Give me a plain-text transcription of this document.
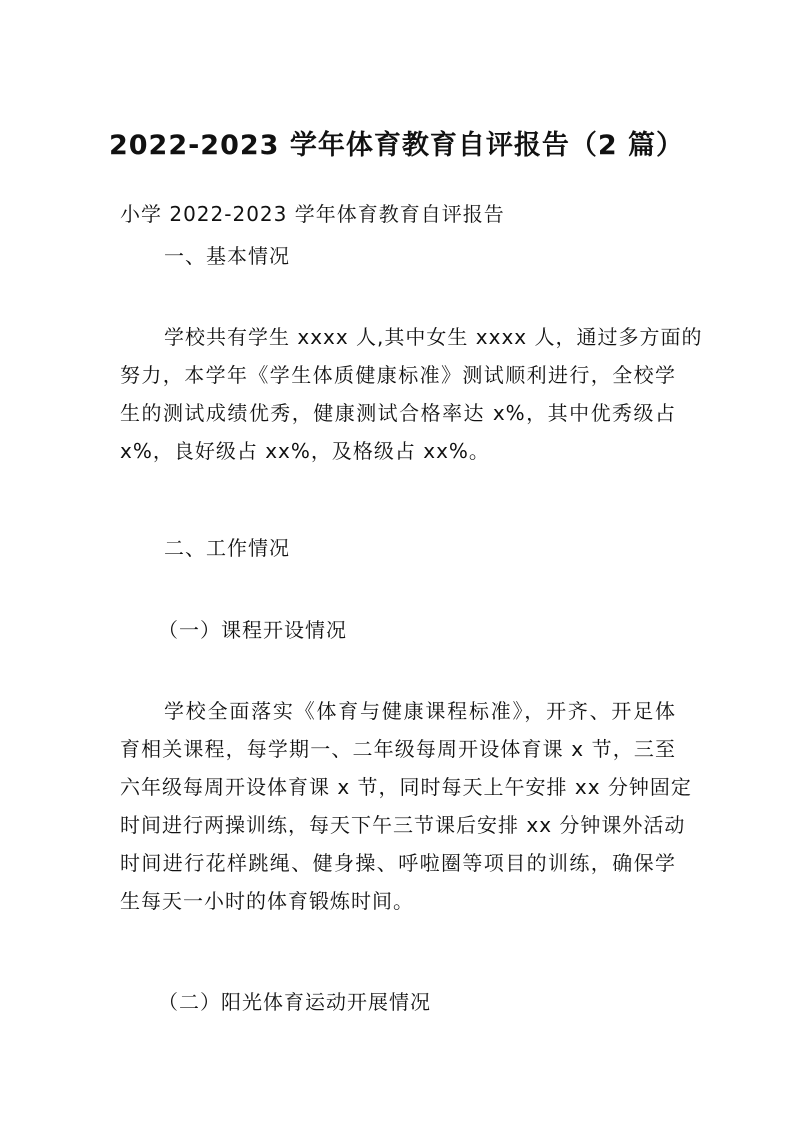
2022-2023 学年体育教育自评报告（2 篇）
小学 2022-2023 学年体育教育自评报告
一、基本情况
学校共有学生 xxxx 人,其中女生 xxxx 人，通过多方面的
努力，本学年《学生体质健康标准》测试顺利进行，全校学
生的测试成绩优秀，健康测试合格率达 x%，其中优秀级占
x%，良好级占 xx%，及格级占 xx%。
二、工作情况
（一）课程开设情况
学校全面落实《体育与健康课程标准》，开齐、开足体
育相关课程，每学期一、二年级每周开设体育课 x 节，三至
六年级每周开设体育课 x 节，同时每天上午安排 xx 分钟固定
时间进行两操训练，每天下午三节课后安排 xx 分钟课外活动
时间进行花样跳绳、健身操、呼啦圈等项目的训练，确保学
生每天一小时的体育锻炼时间。
（二）阳光体育运动开展情况
